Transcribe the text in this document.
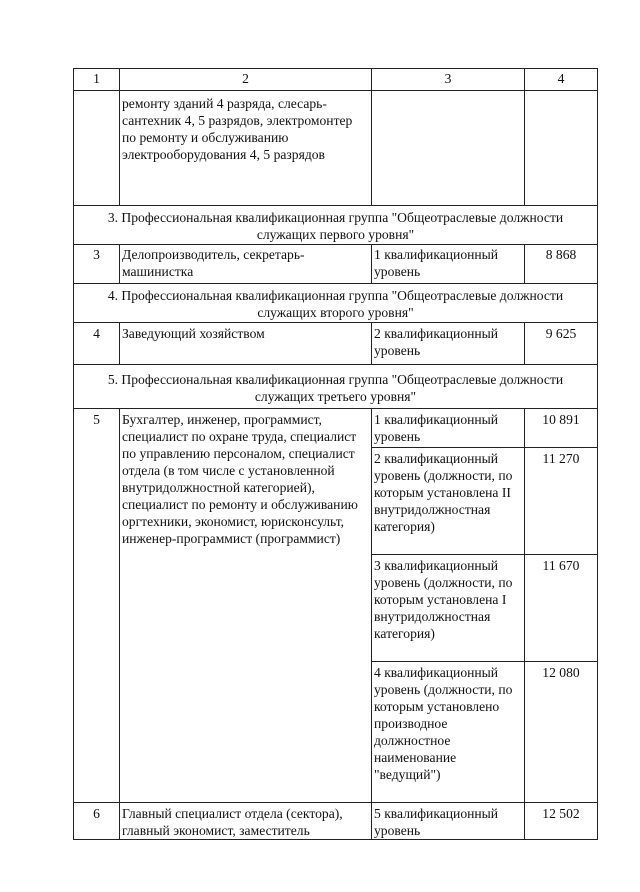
1	2	3	4
	ремонту зданий 4 разряда, слесарь-сантехник 4, 5 разрядов, электромонтер по ремонту и обслуживанию электрооборудования 4, 5 разрядов		
3. Профессиональная квалификационная группа "Общеотраслевые должности служащих первого уровня"			
3	Делопроизводитель, секретарь-машинистка	1 квалификационный уровень	8 868
4. Профессиональная квалификационная группа "Общеотраслевые должности служащих второго уровня"			
4	Заведующий хозяйством	2 квалификационный уровень	9 625
5. Профессиональная квалификационная группа "Общеотраслевые должности служащих третьего уровня"			
5	Бухгалтер, инженер, программист, специалист по охране труда, специалист по управлению персоналом, специалист отдела (в том числе с установленной внутридолжностной категорией), специалист по ремонту и обслуживанию оргтехники, экономист, юрисконсульт, инженер-программист (программист)	1 квалификационный уровень	10 891
		2 квалификационный уровень (должности, по которым установлена II внутридолжностная категория)	11 270
		3 квалификационный уровень (должности, по которым установлена I внутридолжностная категория)	11 670
		4 квалификационный уровень (должности, по которым установлено производное должностное наименование "ведущий")	12 080
6	Главный специалист отдела (сектора), главный экономист, заместитель	5 квалификационный уровень	12 502
